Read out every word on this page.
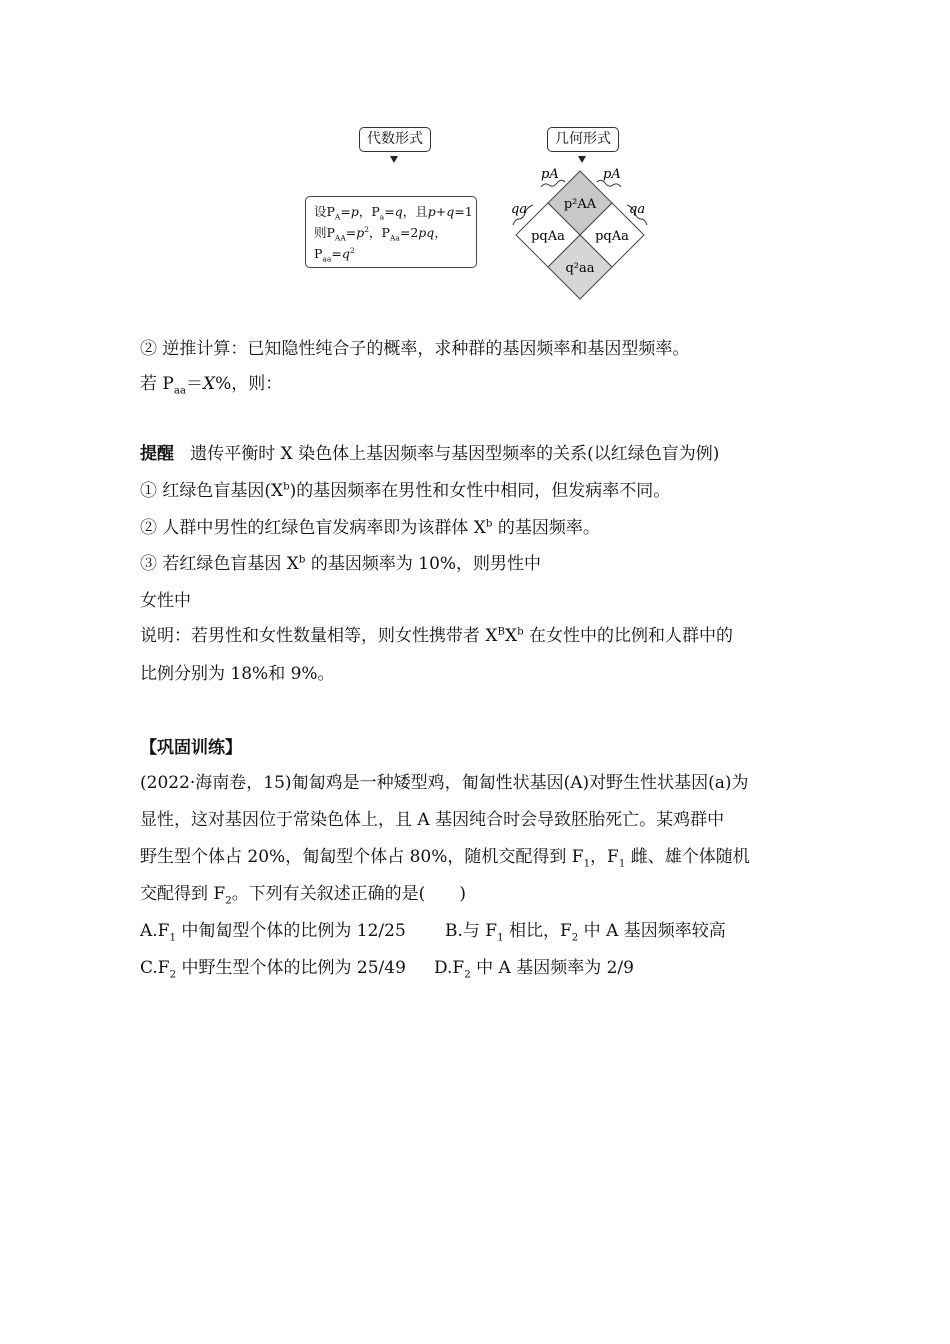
代数形式	几何形式
设$P_A=p$，$P_a=q$，且p+q=1
则$P_{AA}=p^2$，$P_{Aa}=2pq$，
$P_{aa}=q^2$
pA	pA
qa	qa
p²AA
pqAa pqAa
q²aa
② 逆推计算：已知隐性纯合子的概率，求种群的基因频率和基因型频率。
若 $P_{aa}=X\%$，则：
提醒 遗传平衡时 X 染色体上基因频率与基因型频率的关系(以红绿色盲为例)
① 红绿色盲基因$(X^b)$的基因频率在男性和女性中相同，但发病率不同。
② 人群中男性的红绿色盲发病率即为该群体 $X^b$ 的基因频率。
③ 若红绿色盲基因 $X^b$ 的基因频率为 10%，则男性中
女性中
说明：若男性和女性数量相等，则女性携带者 $X^BX^b$ 在女性中的比例和人群中的
比例分别为 18%和 9%。
【巩固训练】
(2022·海南卷，15)匍匐鸡是一种矮型鸡，匍匐性状基因(A)对野生性状基因(a)为
显性，这对基因位于常染色体上，且 A 基因纯合时会导致胚胎死亡。某鸡群中
野生型个体占 20%，匍匐型个体占 80%，随机交配得到 $F_1$，$F_1$ 雌、雄个体随机
交配得到 $F_2$。下列有关叙述正确的是(　　)
$A.F_1$ 中匍匐型个体的比例为 12/25 B.与 $F_1$ 相比，$F_2$ 中 A 基因频率较高
$C.F_2$ 中野生型个体的比例为 25/49 $D.F_2$ 中 A 基因频率为 2/9
